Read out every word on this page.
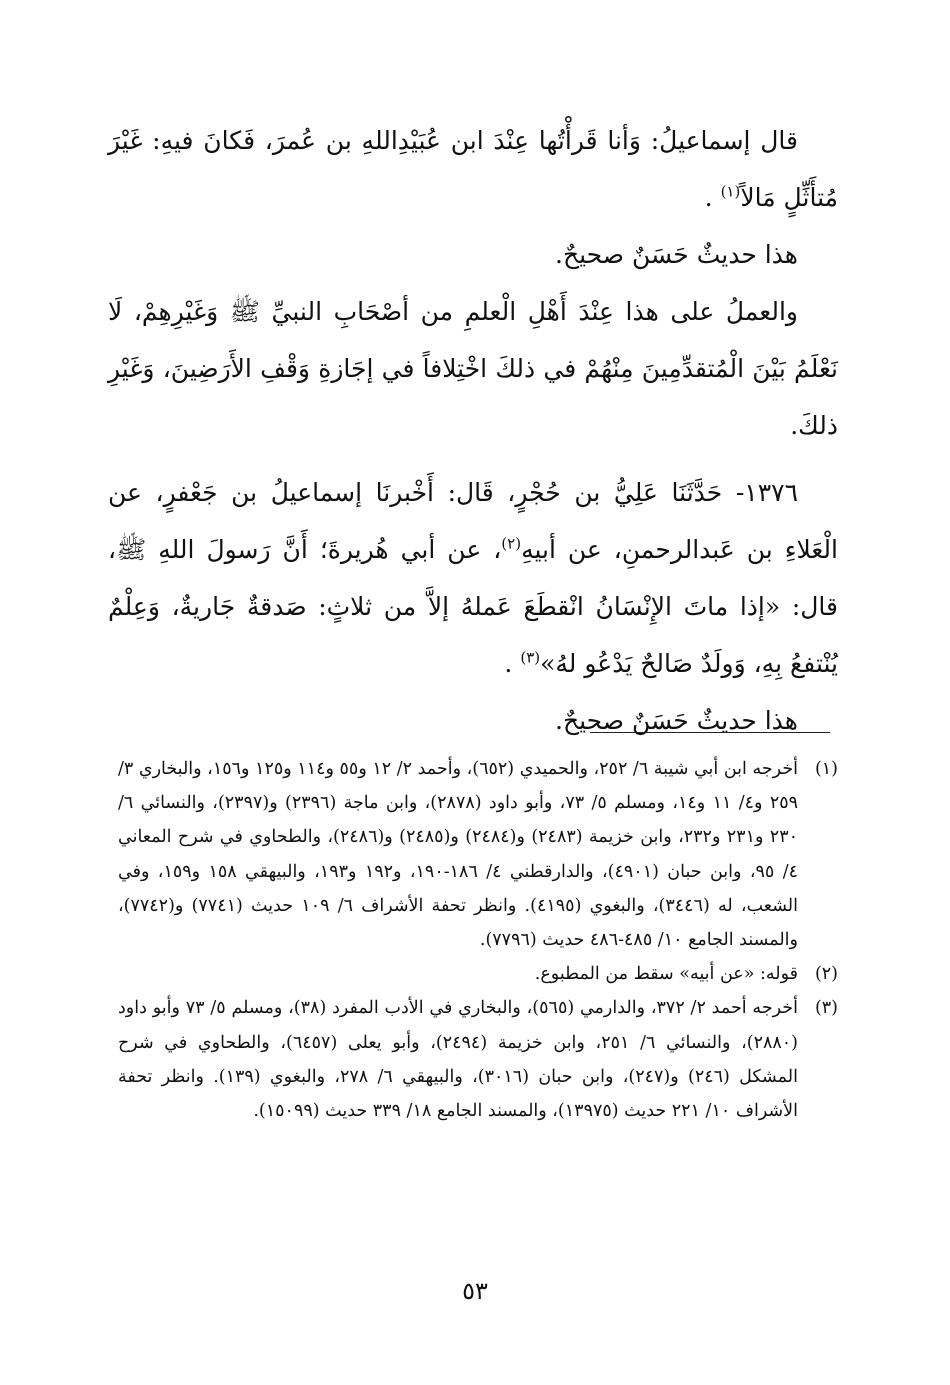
قال إسماعيلُ: وَأنا قَرأْتُها عِنْدَ ابن عُبَيْدِاللهِ بن عُمرَ، فَكانَ فيهِ: غَيْرَ مُتأَثِّلٍ مَالاً$^{(١)}$ .

هذا حديثٌ حَسَنٌ صحيحٌ.

والعملُ على هذا عِنْدَ أَهْلِ الْعلمِ من أصْحَابِ النبيِّ ﷺ وَغَيْرِهِمْ، لَا نَعْلَمُ بَيْنَ الْمُتقدِّمِينَ مِنْهُمْ في ذلكَ اخْتِلافاً في إجَازةِ وَقْفِ الأَرَضِينَ، وَغَيْرِ ذلكَ.

١٣٧٦- حَدَّثَنَا عَلِيُّ بن حُجْرٍ، قَال: أَخْبرنَا إسماعيلُ بن جَعْفرٍ، عن الْعَلاءِ بن عَبدالرحمنِ، عن أبيهِ$^{(٢)}$، عن أبي هُريرةَ؛ أَنَّ رَسولَ اللهِ ﷺ، قال: «إذا ماتَ الإِنْسَانُ انْقطَعَ عَملهُ إلاَّ من ثلاثٍ: صَدقةٌ جَاريةٌ، وَعِلْمٌ يُنْتفعُ بِهِ، وَولَدٌ صَالحٌ يَدْعُو لهُ»$^{(٣)}$ .

هذا حديثٌ حَسَنٌ صحيحٌ.

(١)
أخرجه ابن أبي شيبة ٦/ ٢٥٢، والحميدي (٦٥٢)، وأحمد ٢/ ١٢ و٥٥ و١١٤ و١٢٥ و١٥٦، والبخاري ٣/ ٢٥٩ و٤/ ١١ و١٤، ومسلم ٥/ ٧٣، وأبو داود (٢٨٧٨)، وابن ماجة (٢٣٩٦) و(٢٣٩٧)، والنسائي ٦/ ٢٣٠ و٢٣١ و٢٣٢، وابن خزيمة (٢٤٨٣) و(٢٤٨٤) و(٢٤٨٥) و(٢٤٨٦)، والطحاوي في شرح المعاني ٤/ ٩٥، وابن حبان (٤٩٠١)، والدارقطني ٤/ ١٨٦-١٩٠، و١٩٢ و١٩٣، والبيهقي ١٥٨ و١٥٩، وفي الشعب، له (٣٤٤٦)، والبغوي (٤١٩٥). وانظر تحفة الأشراف ٦/ ١٠٩ حديث (٧٧٤١) و(٧٧٤٢)، والمسند الجامع ١٠/ ٤٨٥-٤٨٦ حديث (٧٧٩٦).
(٢)
قوله: «عن أبيه» سقط من المطبوع.
(٣)
أخرجه أحمد ٢/ ٣٧٢، والدارمي (٥٦٥)، والبخاري في الأدب المفرد (٣٨)، ومسلم ٥/ ٧٣ وأبو داود (٢٨٨٠)، والنسائي ٦/ ٢٥١، وابن خزيمة (٢٤٩٤)، وأبو يعلى (٦٤٥٧)، والطحاوي في شرح المشكل (٢٤٦) و(٢٤٧)، وابن حبان (٣٠١٦)، والبيهقي ٦/ ٢٧٨، والبغوي (١٣٩). وانظر تحفة الأشراف ١٠/ ٢٢١ حديث (١٣٩٧٥)، والمسند الجامع ١٨/ ٣٣٩ حديث (١٥٠٩٩).
٥٣
